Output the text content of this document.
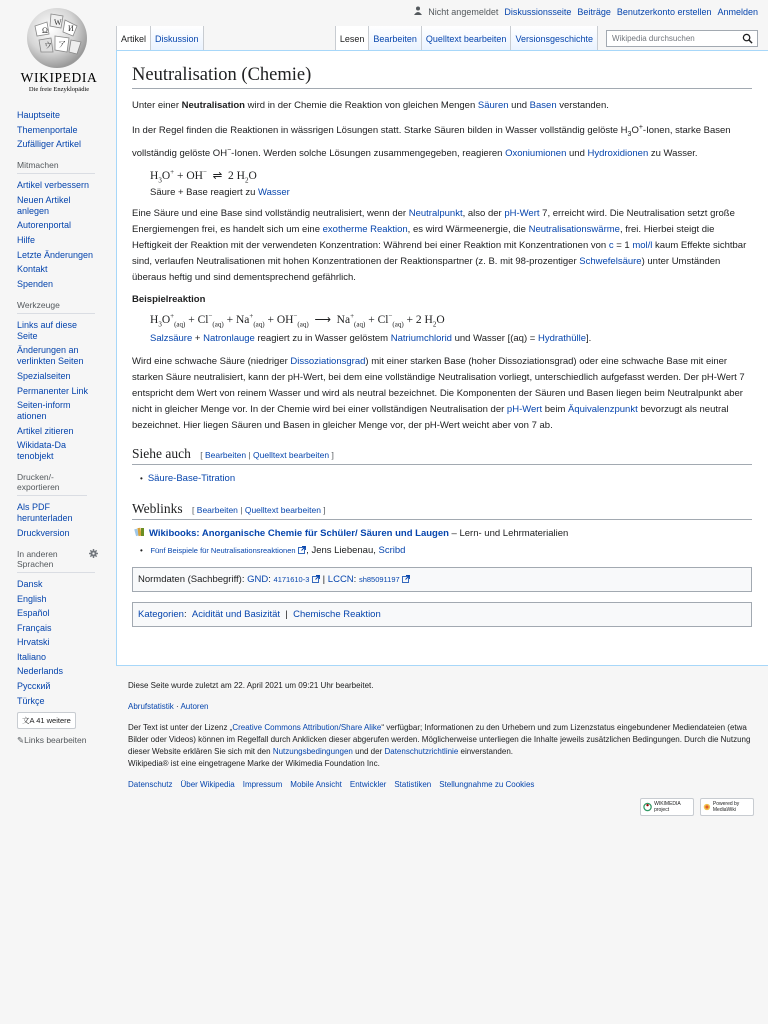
Ω
W
И
ウ ア
WIKIPEDIA
Die freie Enzyklopädie
Nicht angemeldet Diskussionsseite Beiträge Benutzerkonto erstellen Anmelden
Artikel	Diskussion	Lesen	Bearbeiten	Quelltext bearbeiten	Versionsgeschichte	Wikipedia durchsuchen
Hauptseite
Themenportale
Zufälliger Artikel
Mitmachen
Artikel verbessern
Neuen Artikel anlegen
Autorenportal
Hilfe
Letzte Änderungen
Kontakt
Spenden
Werkzeuge
Links auf diese Seite
Änderungen an verlinkten Seiten
Spezialseiten
Permanenter Link
Seiten-informationen
Artikel zitieren
Wikidata-Datenobjekt
Drucken/-exportieren
Als PDF herunterladen
Druckversion
In anderen Sprachen
Dansk
English
Español
Français
Hrvatski
Italiano
Nederlands
Русский
Türkçe
文A 41 weitere
✎Links bearbeiten
Neutralisation (Chemie)

Unter einer Neutralisation wird in der Chemie die Reaktion von gleichen Mengen Säuren und Basen verstanden.

In der Regel finden die Reaktionen in wässrigen Lösungen statt. Starke Säuren bilden in Wasser vollständig gelöste $H_3O^+$-Ionen, starke Basen vollständig gelöste OH−-Ionen. Werden solche Lösungen zusammengegeben, reagieren Oxoniumionen und Hydroxidionen zu Wasser.

$H_3O^+ + OH^-$  ⇌  2 $H_2O$
Säure + Base reagiert zu Wasser

Eine Säure und eine Base sind vollständig neutralisiert, wenn der Neutralpunkt, also der pH-Wert 7, erreicht wird. Die Neutralisation setzt große Energiemengen frei, es handelt sich um eine exotherme Reaktion, es wird Wärmeenergie, die Neutralisationswärme, frei. Hierbei steigt die Heftigkeit der Reaktion mit der verwendeten Konzentration: Während bei einer Reaktion mit Konzentrationen von c = 1 mol/l kaum Effekte sichtbar sind, verlaufen Neutralisationen mit hohen Konzentrationen der Reaktionspartner (z. B. mit 98-prozentiger Schwefelsäure) unter Umständen überaus heftig und sind dementsprechend gefährlich.

Beispielreaktion

$H_3O^+_{(aq)} + Cl^-_{(aq)} + Na^+_{(aq)} + OH^-_{(aq)}$  ⟶  $Na^+_{(aq)} + Cl^-_{(aq)} + 2$ $H_2O$
Salzsäure + Natronlauge reagiert zu in Wasser gelöstem Natriumchlorid und Wasser [(aq) = Hydrathülle].

Wird eine schwache Säure (niedriger Dissoziationsgrad) mit einer starken Base (hoher Dissoziationsgrad) oder eine schwache Base mit einer starken Säure neutralisiert, kann der pH-Wert, bei dem eine vollständige Neutralisation vorliegt, unterschiedlich aufgefasst werden. Der pH-Wert 7 entspricht dem Wert von reinem Wasser und wird als neutral bezeichnet. Die Komponenten der Säuren und Basen liegen beim Neutralpunkt aber nicht in gleicher Menge vor. In der Chemie wird bei einer vollständigen Neutralisation der pH-Wert beim Äquivalenzpunkt bevorzugt als neutral bezeichnet. Hier liegen Säuren und Basen in gleicher Menge vor, der pH-Wert weicht aber von 7 ab.

Siehe auch [ Bearbeiten | Quelltext bearbeiten ]
• Säure-Base-Titration
Weblinks [ Bearbeiten | Quelltext bearbeiten ]
Wikibooks: Anorganische Chemie für Schüler/ Säuren und Laugen – Lern- und Lehrmaterialien
• Fünf Beispiele für Neutralisationsreaktionen , Jens Liebenau, Scribd
Normdaten (Sachbegriff): GND: 4171610-3  | LCCN: sh85091197
Kategorien:  Acidität und Basizität  |  Chemische Reaktion
Diese Seite wurde zuletzt am 22. April 2021 um 09:21 Uhr bearbeitet.
Abrufstatistik · Autoren
Der Text ist unter der Lizenz „Creative Commons Attribution/Share Alike“ verfügbar; Informationen zu den Urhebern und zum Lizenzstatus eingebundener Mediendateien (etwa Bilder oder Videos) können im Regelfall durch Anklicken dieser abgerufen werden. Möglicherweise unterliegen die Inhalte jeweils zusätzlichen Bedingungen. Durch die Nutzung dieser Website erklären Sie sich mit den Nutzungsbedingungen und der Datenschutzrichtlinie einverstanden.
Wikipedia® ist eine eingetragene Marke der Wikimedia Foundation Inc.
Datenschutz Über Wikipedia Impressum Mobile Ansicht Entwickler Statistiken Stellungnahme zu Cookies
WIKIMEDIA project
Powered by MediaWiki
